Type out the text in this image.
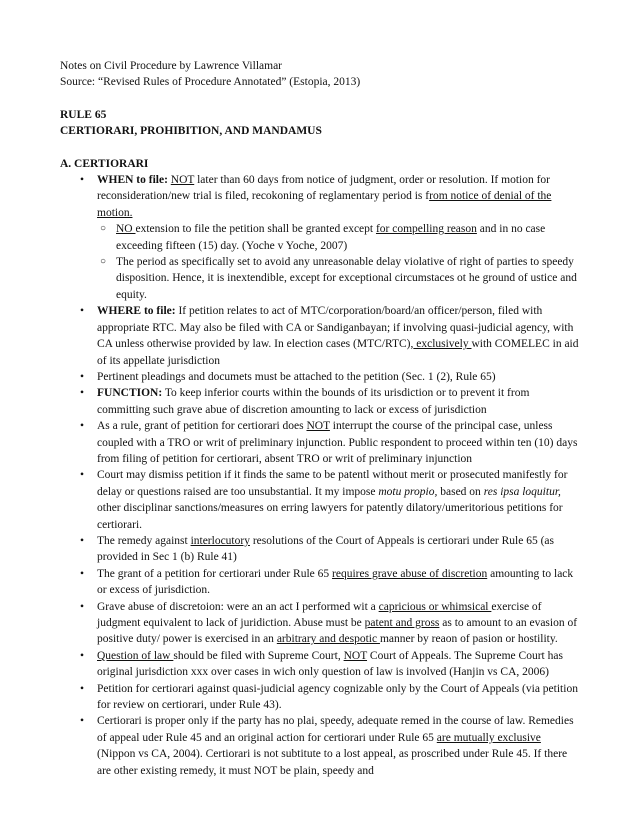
Notes on Civil Procedure by Lawrence Villamar
Source: “Revised Rules of Procedure Annotated” (Estopia, 2013)
RULE 65
CERTIORARI, PROHIBITION, AND MANDAMUS
A. CERTIORARI
• WHEN to file: NOT later than 60 days from notice of judgment, order or resolution. If motion for reconsideration/new trial is filed, recokoning of reglamentary period is from notice of denial of the motion.
○ NO extension to file the petition shall be granted except for compelling reason and in no case exceeding fifteen (15) day. (Yoche v Yoche, 2007)
○ The period as specifically set to avoid any unreasonable delay violative of right of parties to speedy disposition. Hence, it is inextendible, except for exceptional circumstaces ot he ground of ustice and equity.
• WHERE to file: If petition relates to act of MTC/corporation/board/an officer/person, filed with appropriate RTC. May also be filed with CA or Sandiganbayan; if involving quasi-judicial agency, with CA unless otherwise provided by law. In election cases (MTC/RTC), exclusively with COMELEC in aid of its appellate jurisdiction
• Pertinent pleadings and documets must be attached to the petition (Sec. 1 (2), Rule 65)
• FUNCTION: To keep inferior courts within the bounds of its urisdiction or to prevent it from committing such grave abue of discretion amounting to lack or excess of jurisdiction
• As a rule, grant of petition for certiorari does NOT interrupt the course of the principal case, unless coupled with a TRO or writ of preliminary injunction. Public respondent to proceed within ten (10) days from filing of petition for certiorari, absent TRO or writ of preliminary injunction
• Court may dismiss petition if it finds the same to be patentl without merit or prosecuted manifestly for delay or questions raised are too unsubstantial. It my impose motu propio, based on res ipsa loquitur, other disciplinar sanctions/measures on erring lawyers for patently dilatory/umeritorious petitions for certiorari.
• The remedy against interlocutory resolutions of the Court of Appeals is certiorari under Rule 65 (as provided in Sec 1 (b) Rule 41)
• The grant of a petition for certiorari under Rule 65 requires grave abuse of discretion amounting to lack or excess of jurisdiction.
• Grave abuse of discretoion: were an an act I performed wit a capricious or whimsical exercise of judgment equivalent to lack of juridiction. Abuse must be patent and gross as to amount to an evasion of positive duty/ power is exercised in an arbitrary and despotic manner by reaon of pasion or hostility.
• Question of law should be filed with Supreme Court, NOT Court of Appeals. The Supreme Court has original jurisdiction xxx over cases in wich only question of law is involved (Hanjin vs CA, 2006)
• Petition for certiorari against quasi-judicial agency cognizable only by the Court of Appeals (via petition for review on certiorari, under Rule 43).
• Certiorari is proper only if the party has no plai, speedy, adequate remed in the course of law. Remedies of appeal uder Rule 45 and an original action for certiorari under Rule 65 are mutually exclusive (Nippon vs CA, 2004). Certiorari is not subtitute to a lost appeal, as proscribed under Rule 45. If there are other existing remedy, it must NOT be plain, speedy and
